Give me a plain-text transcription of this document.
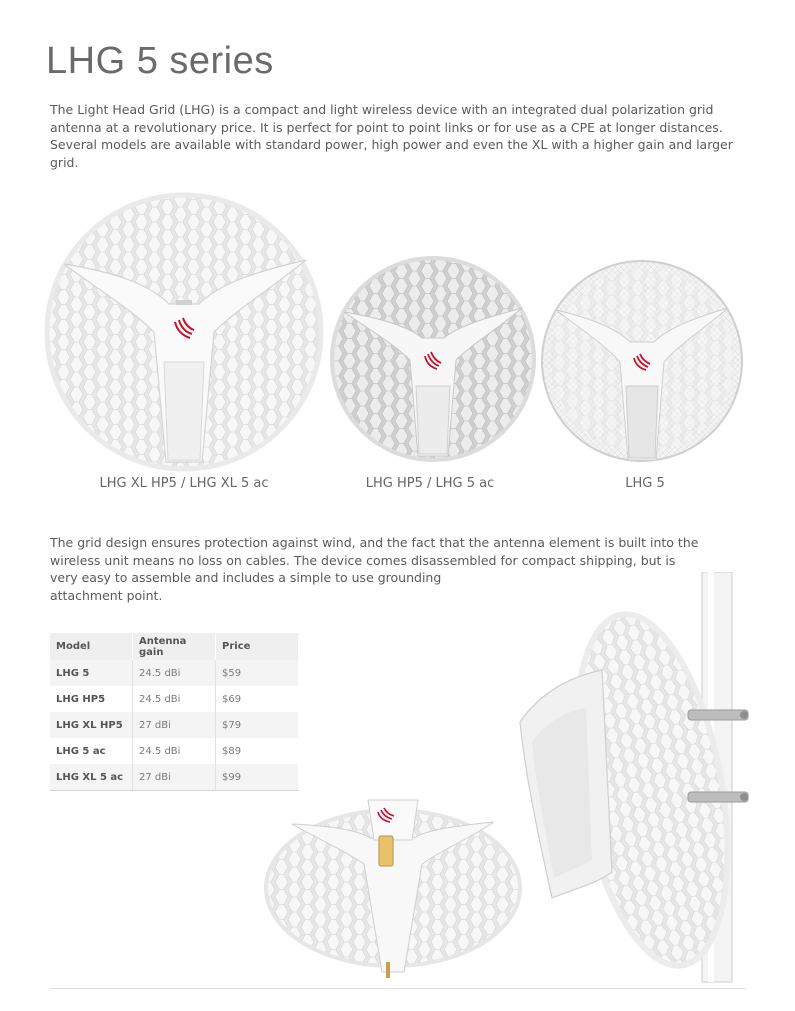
LHG 5 series

The Light Head Grid (LHG) is a compact and light wireless device with an integrated dual polarization grid
antenna at a revolutionary price. It is perfect for point to point links or for use as a CPE at longer distances.
Several models are available with standard power, high power and even the XL with a higher gain and larger
grid.

LHG XL HP5 / LHG XL 5 ac	LHG HP5 / LHG 5 ac	LHG 5

The grid design ensures protection against wind, and the fact that the antenna element is built into the
wireless unit means no loss on cables. The device comes disassembled for compact shipping, but is
very easy to assemble and includes a simple to use grounding
attachment point.

Model	Antenna gain	Price
LHG 5	24.5 dBi	$59
LHG HP5	24.5 dBi	$69
LHG XL HP5	27 dBi	$79
LHG 5 ac	24.5 dBi	$89
LHG XL 5 ac	27 dBi	$99
